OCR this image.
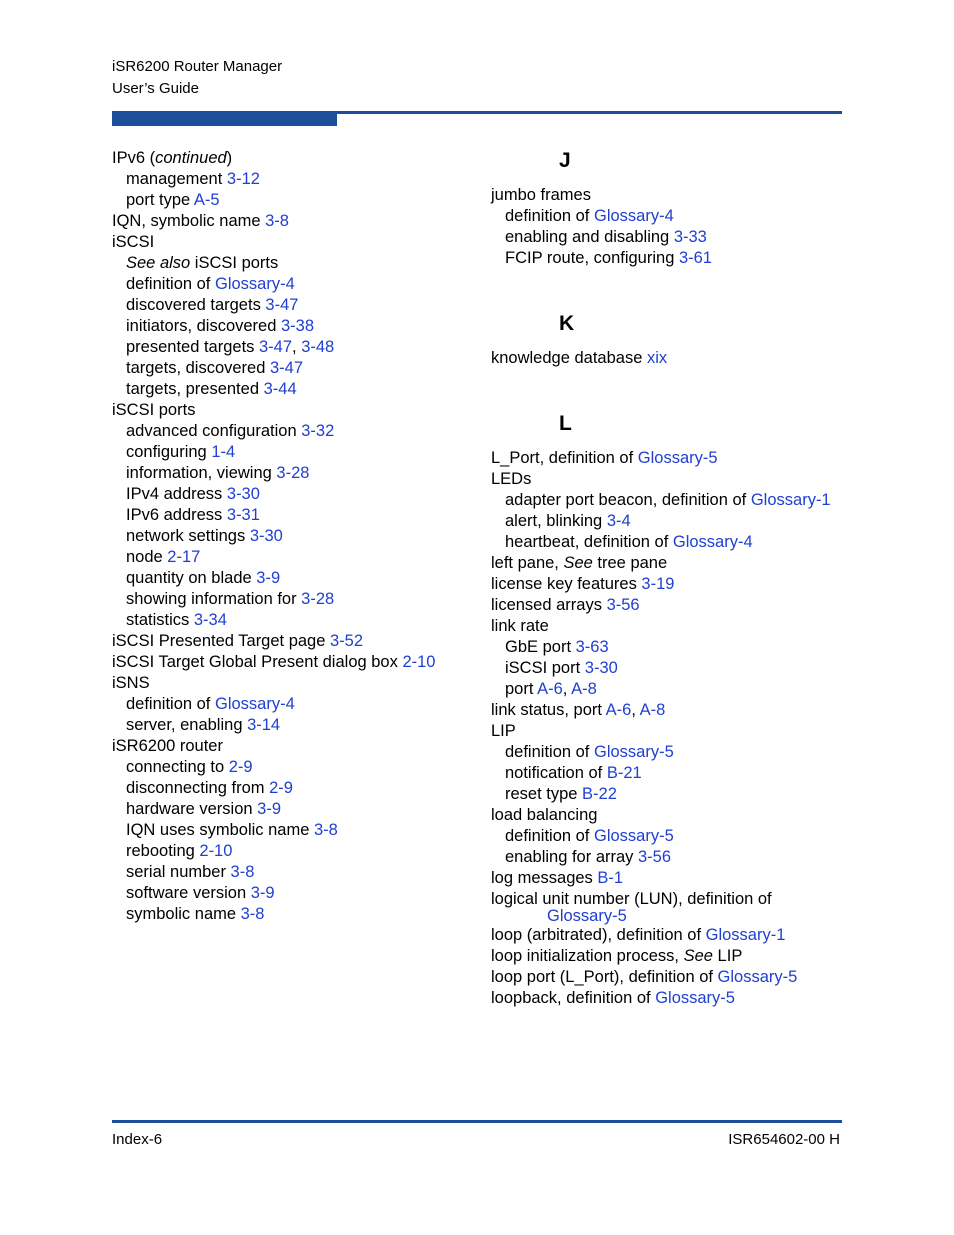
iSR6200 Router Manager
User’s Guide
IPv6 (continued)
management 3-12
port type A-5
IQN, symbolic name 3-8
iSCSI
See also iSCSI ports
definition of Glossary-4
discovered targets 3-47
initiators, discovered 3-38
presented targets 3-47, 3-48
targets, discovered 3-47
targets, presented 3-44
iSCSI ports
advanced configuration 3-32
configuring 1-4
information, viewing 3-28
IPv4 address 3-30
IPv6 address 3-31
network settings 3-30
node 2-17
quantity on blade 3-9
showing information for 3-28
statistics 3-34
iSCSI Presented Target page 3-52
iSCSI Target Global Present dialog box 2-10
iSNS
definition of Glossary-4
server, enabling 3-14
iSR6200 router
connecting to 2-9
disconnecting from 2-9
hardware version 3-9
IQN uses symbolic name 3-8
rebooting 2-10
serial number 3-8
software version 3-9
symbolic name 3-8
J
jumbo frames
definition of Glossary-4
enabling and disabling 3-33
FCIP route, configuring 3-61
K
knowledge database xix
L
L_Port, definition of Glossary-5
LEDs
adapter port beacon, definition of Glossary-1
alert, blinking 3-4
heartbeat, definition of Glossary-4
left pane, See tree pane
license key features 3-19
licensed arrays 3-56
link rate
GbE port 3-63
iSCSI port 3-30
port A-6, A-8
link status, port A-6, A-8
LIP
definition of Glossary-5
notification of B-21
reset type B-22
load balancing
definition of Glossary-5
enabling for array 3-56
log messages B-1
logical unit number (LUN), definition of
Glossary-5
loop (arbitrated), definition of Glossary-1
loop initialization process, See LIP
loop port (L_Port), definition of Glossary-5
loopback, definition of Glossary-5
Index-6	ISR654602-00 H
